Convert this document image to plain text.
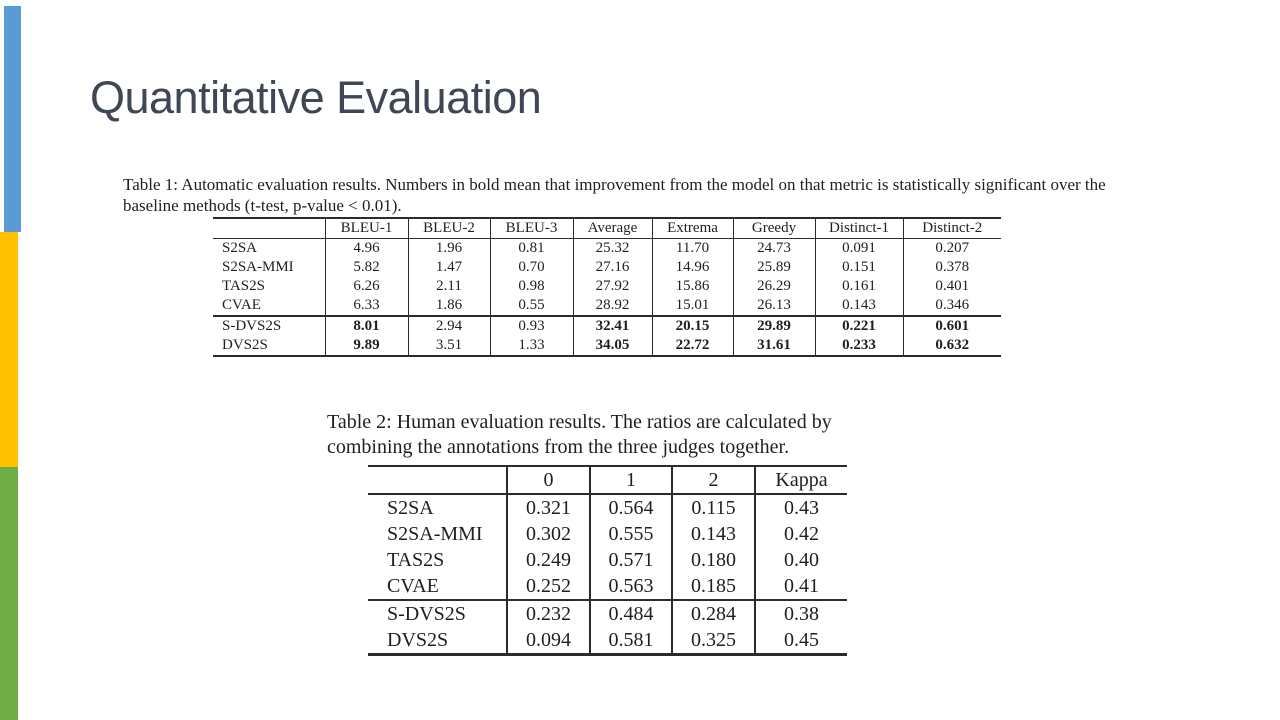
Quantitative Evaluation
Table 1: Automatic evaluation results. Numbers in bold mean that improvement from the model on that metric is statistically significant over the baseline methods (t-test, p-value < 0.01).
	BLEU-1	BLEU-2	BLEU-3	Average	Extrema	Greedy	Distinct-1	Distinct-2
S2SA	4.96	1.96	0.81	25.32	11.70	24.73	0.091	0.207
S2SA-MMI	5.82	1.47	0.70	27.16	14.96	25.89	0.151	0.378
TAS2S	6.26	2.11	0.98	27.92	15.86	26.29	0.161	0.401
CVAE	6.33	1.86	0.55	28.92	15.01	26.13	0.143	0.346
S-DVS2S	8.01	2.94	0.93	32.41	20.15	29.89	0.221	0.601
DVS2S	9.89	3.51	1.33	34.05	22.72	31.61	0.233	0.632
Table 2: Human evaluation results. The ratios are calculated by combining the annotations from the three judges together.
	0	1	2	Kappa
S2SA	0.321	0.564	0.115	0.43
S2SA-MMI	0.302	0.555	0.143	0.42
TAS2S	0.249	0.571	0.180	0.40
CVAE	0.252	0.563	0.185	0.41
S-DVS2S	0.232	0.484	0.284	0.38
DVS2S	0.094	0.581	0.325	0.45
